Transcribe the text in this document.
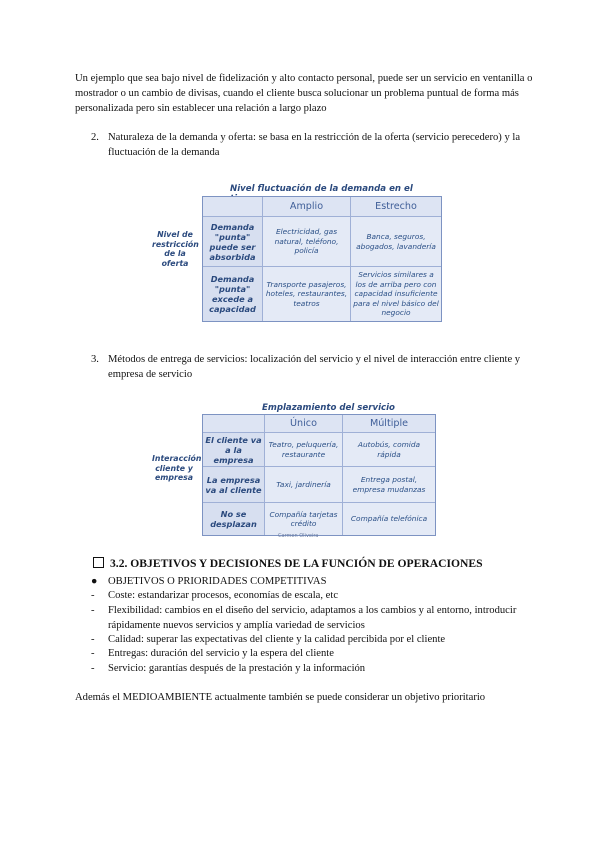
Un ejemplo que sea bajo nivel de fidelización y alto contacto personal, puede ser un servicio en ventanilla o mostrador o un cambio de divisas, cuando el cliente busca solucionar un problema puntual de forma más personalizada pero sin establecer una relación a largo plazo
2. Naturaleza de la demanda y oferta: se basa en la restricción de la oferta (servicio perecedero) y la fluctuación de la demanda
Nivel fluctuación de la demanda en el
Nivel de restricción de la oferta
Amplio	Estrecho
Demanda "punta" puede ser absorbida
Electricidad, gas natural, teléfono, policía
Banca, seguros, abogados, lavandería
Demanda "punta" excede a capacidad
Transporte pasajeros, hoteles, restaurantes, teatros
Servicios similares a los de arriba pero con capacidad insuficiente para el nivel básico del negocio
3. Métodos de entrega de servicios: localización del servicio y el nivel de interacción entre cliente y empresa de servicio
Emplazamiento del servicio
Interacción cliente y empresa
Único	Múltiple
El cliente va a la empresa
Teatro, peluquería, restaurante
Autobús, comida rápida
La empresa va al cliente
Taxi, jardinería
Entrega postal, empresa mudanzas
No se desplazan
Compañía tarjetas crédito
Compañía telefónica
Carmen Oliveira
3.2. OBJETIVOS Y DECISIONES DE LA FUNCIÓN DE OPERACIONES
● OBJETIVOS O PRIORIDADES COMPETITIVAS
- Coste: estandarizar procesos, economías de escala, etc
- Flexibilidad: cambios en el diseño del servicio, adaptamos a los cambios y al entorno, introducir rápidamente nuevos servicios y amplía variedad de servicios
- Calidad: superar las expectativas del cliente y la calidad percibida por el cliente
- Entregas: duración del servicio y la espera del cliente
- Servicio: garantías después de la prestación y la información
Además el MEDIOAMBIENTE actualmente también se puede considerar un objetivo prioritario
